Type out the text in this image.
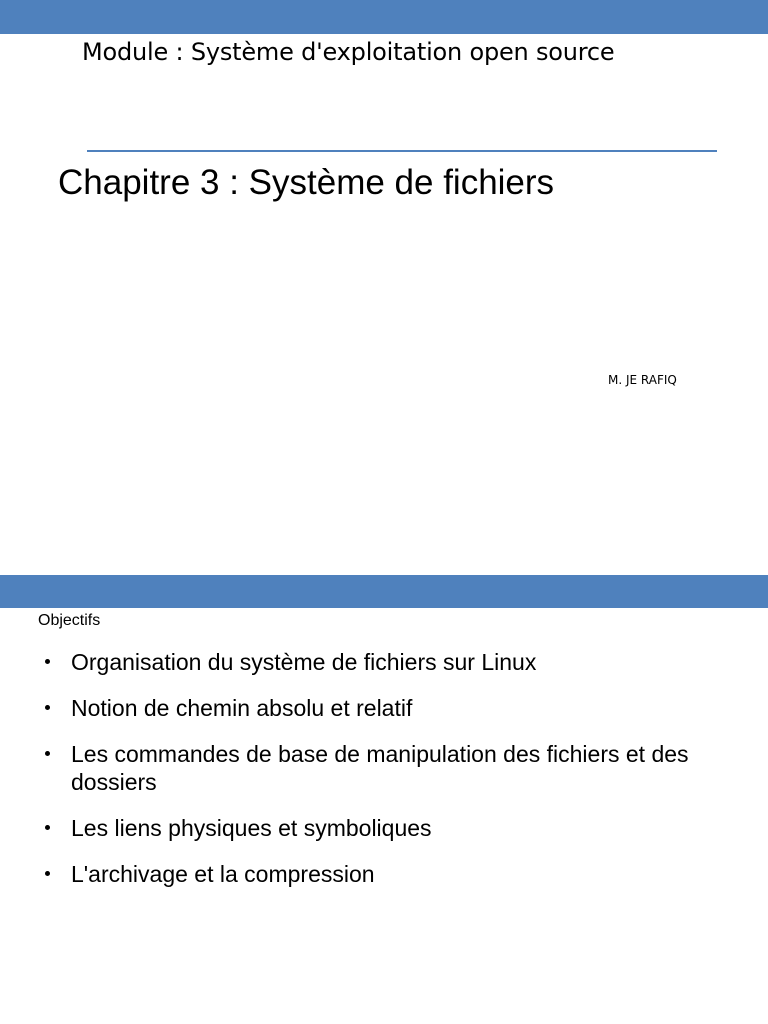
Module : Système d'exploitation open source
Chapitre 3 : Système de fichiers
M. JE RAFIQ
Objectifs
Organisation du système de fichiers sur Linux
Notion de chemin absolu et relatif
Les commandes de base de manipulation des fichiers et des dossiers
Les liens physiques et symboliques
L'archivage et la compression
